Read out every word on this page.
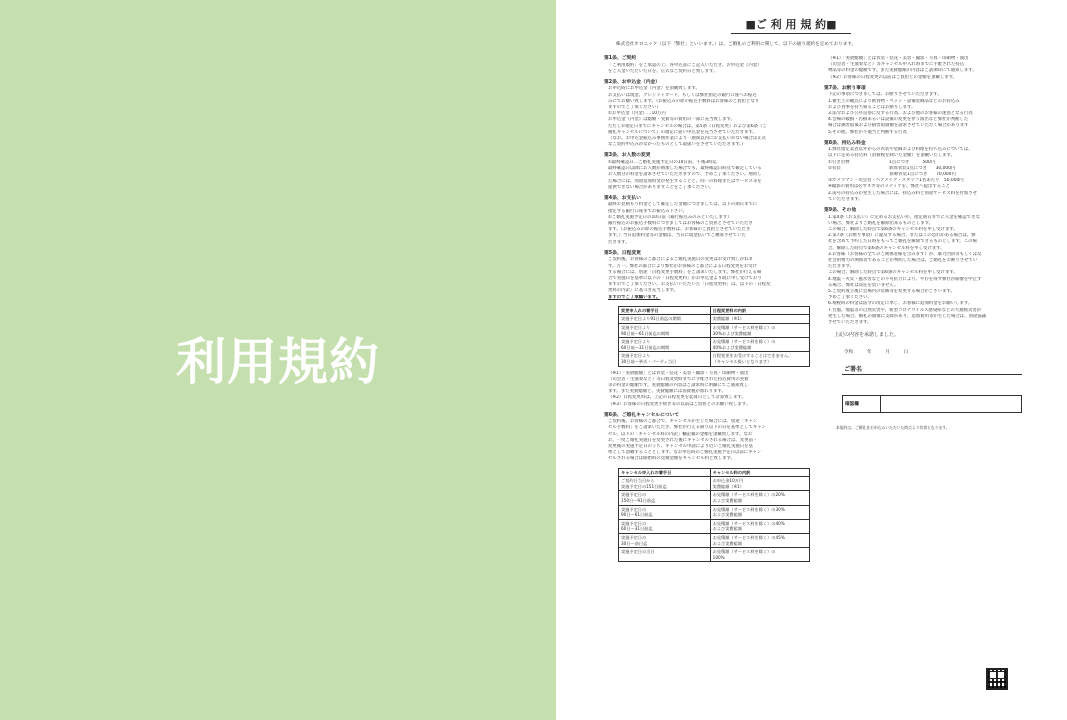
利用規約
■ご 利 用 規 約■
株式会社ホロニック（以下「弊社」といいます。）は、ご婚礼のご利用に関して、以下の通り規約を定めております。
第1条、ご契約
「ご利用規約」をご承認の上、各申込書にご記入いただき、お申込金（内金）
をご入金いただいた日を、正式なご契約日と致します。
第2条、お申込金（内金）
お申込時にお申込金（内金）を頂戴致します。
お支払いは現金、クレジットカード、もしくは弊社指定の銀行口座へお振込
みにてお願い致します。（お振込みの際の振込手数料はお客様のご負担となり
ますのでご了承ください）
①お申込金（内金）…10万円
お申込金（内金）は総額・実費等の費用の一部に充当致します。
ただし①指定日までにキャンセルの場合は、第5条（日程変更）および第6条（ご
婚礼キャンセルについて）の規定に従い申込金を充当させていただきます。
（なお、お申込金振込み事務作業により一週間以内にお支払いがない場合は正式
なご契約申込みがなかったものとして取扱いをさせていただきます。）
第3条、お人数の変更
①最終確認日…ご婚礼実施予定日の10日前、午後3時迄
最終確認日以降にお人数が増加した場合でも、最終確認日時点で確定している
お人数分の料金を請求させていただきますので、予めご了承ください。増員し
た場合には、別途追加料金が発生することと、同一の料理またはサービス等を
提供できない場合がありますことをご了承ください。
第4条、お支払い
最終お見積もり料金として確定した金額につきましては、以下の期日までに
指定する銀行口座までお振込み下さい。
①ご婚礼実施予定日の10日前（銀行振込みのみといたします）
銀行振込のお振込手数料につきましてはお客様のご負担とさせていただき
ます。（お振込みの際の振込手数料は、お客様のご負担とさせていただき
ます。）当日追加料金等の金額は、当日に現金払いでご精算させていた
だきます。
第5条、日程変更
ご契約後、お客様のご都合によるご婚礼実施日の変更はお受け致しかねま
す。万一、弊社の都合により弊社がお客様のご都合による日程変更をお受け
する場合には、別途「日程変更手数料」をご請求いたします。弊社が行える場
合で実施日を基準に以下の「日程変更料」がお申込金より既に申し受けており
ますのでご了承ください。お支払いいただいた「日程変更料」は、以下の「日程変
更料の内訳」に基づき充当します。
ますのでご了承願います。
変更申入れの着手日	日程変更料の内訳
実施予定日より91日前迄の期間	実費総額（※1）
実施予定日より
90日前〜61日前迄の期間	お見積額（サービス料を除く）の
30%および実費総額
実施予定日より
60日前〜31日前迄の期間	お見積額（サービス料を除く）の
40%および実費総額
実施予定日より
30日前〜挙式・パーティ当日	日程変更をお受けすることはできません。
（キャンセル扱いとなります）
（※1）「実費総額」とは衣装・装花・美容・撮影・写真・印刷物・演出
（司会者・生演奏など）等日程変更時までに手配された持込費用の実費
等の料金の総額です。実費総額の内容はご請求時に明細にてご通知致し
ます。また実費総額と、実費総額には消費税が加わります。
（※2）日程変更料は、上記の日程変更を起算日として計算致します。
（※3）お客様の日程変更手続き等の以前はご負担とのお願い致します。
第6条、ご婚礼キャンセルについて
ご契約後、お客様のご都合で、キャンセルが生じた場合には、別途「キャン
セル手数料」をご請求いただき、弊社が行える限り以下の日を基準としてキャン
セル、以下の「キャンセル料の内訳」欄記載の金額を頂戴致します。なお
お、一度ご婚礼実施日を変更された後にキャンセルされる場合は、変更前・
変更後の実施予定日のうち、キャンセル申請により近いご婚礼実施日を基
準として頂戴することとします。なお申込時のご婚礼実施予定日以前にキャン
セルされる場合は開始時の見積金額をキャンセル料と致します。
キャンセル申入れの着手日	キャンセル料の内訳
ご契約日当日から
実施予定日の151日前迄	お申込金10万円
実費総額（※1）
実施予定日の
150日〜91日前迄	お見積額（サービス料を除く）の20%
および実費総額
実施予定日の
90日〜61日前迄	お見積額（サービス料を除く）の30%
および実費総額
実施予定日の
60日〜31日前迄	お見積額（サービス料を除く）の40%
および実費総額
実施予定日の
30日〜前日迄	お見積額（サービス料を除く）の45%
および実費総額
実施予定日の当日	お見積額（サービス料を除く）の
100%
（※1）「実費総額」とは衣装・装花・美容・撮影・写真・印刷物・演出
（司会者・生演奏など）等キャンセル申入れ時までに手配された持込
物品等の料金の総額です。また実費総額の内容はご請求時にて通知します。
（※2）お客様の日程変更の以前はご負担との金額を頂戴します。
第7条、お断り事項
下記の事項につきましては、お断りさせていただきます。
1.衛生上の観点により飲食物・ペット・設備装飾品などのお持込み
および食事を持ち帰ることはお断りします。
3.法令および公序良俗に反する行為、および他のお客様の迷惑となる行為
4.会場の破損・汚損あるいは設備の変更を伴う演出など弊社が判断した
場合は損害賠償および損害賠償額を請求させていただく場合があります
5.その他、弊社が不適当と判断する行為
第8条、持込み料金
1.弊社指定業者以外からの衣装や装飾および料理を持ち込みについては、
以下に定める持込料（消費税を除いた金額）を頂戴いたします。
①引き出物　　　　　　　　　1点につき　　　500円
②衣装　　　　　　　　　　　新郎衣装1点につき　　30,000円
　　　　　　　　　　　　　　新婦衣装1点につき　　70,000円
③カメラマン・司会者・ヘアメイク・スタッフ1名あたり　50,000円
④撮影の費用は必ずネガ等のメディアを、弊社へ提出すること
2.前号の持込みが発生した場合には、持込み料と別途サービス料を付加させ
ていただきます。
第9条、その他
1.第4条（お支払い）に定めるお支払いが、指定期日までに入金を確認できな
い場合、弊社よりご婚礼を解除出来るものとします。
この場合、解除した時点で第6条のキャンセル料を申し受けます。
2.第7条（お断り事項）に違反する場合、またはこの恐れがある場合は、弊
社を含めて予約した日時をもってご婚礼を解除できるものとします。この場
合、解除した時点で第6条のキャンセル料を申し受けます。
3.お客様（お客様の全てのご関係者様を含みます）が、暴力団員等もしくは反
社会的勢力の関係者であることが判明した場合は、ご婚礼をお断りさせてい
ただきます。
この場合、解除した時点で第6条のキャンセル料を申し受けます。
4.地震・火災・風水害などの不可抗力により、やむを得ず弊社が開催を中止す
る場合、弊社は責任を負いません。
5.ご契約成立後に会場内の装飾等を変更する場合がございます。
予めご了承ください。
6.増税時の料金は法令の改定に準じ、お客様に追加料金をお願いします。
7.台風、地震等の自然災害や、新型コロナウイルス感染症などの大規模災害が
発生した場合、婚礼の開催に支障があり、追加費用等が生じた場合は、別途協議
させていただきます。
上記の内容を承諾しました。
令和　　　年　　　月　　　日
ご署名
確認欄
本規約は、ご婚礼をお申込みいただいた時点より有効となります。
